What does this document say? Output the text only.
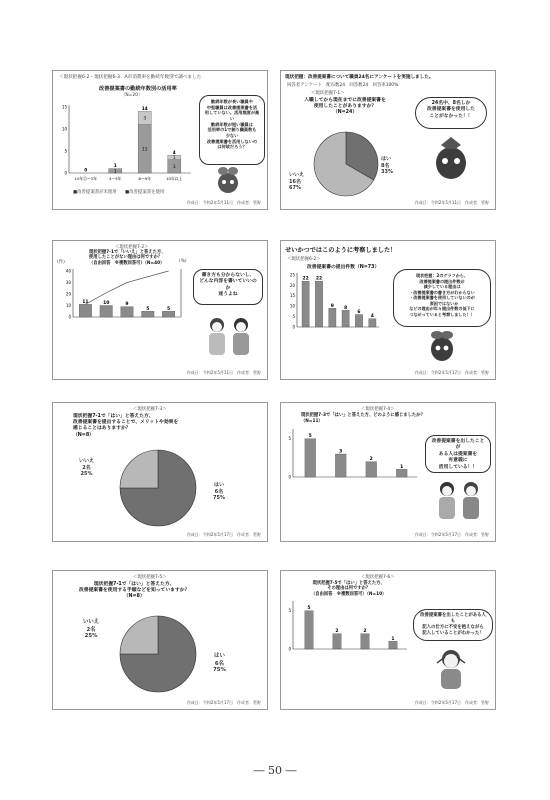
＜現状把握6-2・現状把握6-3：A市消費車を勤続年数別で調べました
改善提案書の勤続年数別の活用率
（N=20）
0
5
10
15
0	1
1
11
3
14
3
1
4
10年目～3年	4～5年	6～9年	10年以上
■改善提案書が未使用 ■改善提案書を使用
勤続年数が長い職員や
中堅職員は改善提案書を活
用していない。活用頻度が高い
勤続年数が短い職員は
活用率の1で割り職員数も
少ない
改善提案書を活用しないの
は何故だろう？
作成日：令和2年5月11日　作成者：管野
現状把握：改善提案書について職員24名にアンケートを実施しました。
回答者アンケート　配布数24　回答数24　回答率100%
＜現状把握7-1＞
入職してから現在までに改善提案書を
使用したことがありますか？
（N=24）
いいえ
16名
67%
はい
8名
33%
24名中、8名しか
改善提案書を使用した
ことがなかった！！
作成日：令和2年5月11日　作成者：管野
＜現状把握7-2＞
現状把握7-1で「いいえ」と答えた方、
使用したことがない理由は何ですか？
（自由回答　※複数回答可）（N=40）
(件)	(%)
0
10
20
30
40
11	10	9
5	5
書き方も分からないし、
どんな内容を書いていいのか
迷うよね
作成日：令和2年5月11日　作成者：管野
せいかつではこのように考察しました！
＜現状把握6-2＞
改善提案書の提出件数（N=73）
0
5
10
15
20
25
22 22
9 8
6
4
現状把握：2のグラフから、
改善提案書の提出件数が
減少している理由は
・改善提案書の書き方がわからない
・改善提案書を使用していないのが
　原因ではないか
などの理由が年々提出件数の低下に
つながっていると考察しました！！
作成日：令和2年5月17日　作成者：管野
＜現状把握7-3＞
現状把握7-1で「はい」と答えた方、
改善提案書を提出することで、メリットや効果を
感じることはありますか？
（N=8）
いいえ
2名
25%
はい
6名
75%
作成日：令和2年5月17日　作成者：管野
＜現状把握7-4＞
現状把握7-3で「はい」と答えた方、どのように感じましたか？
（N=11）
0
5	5
3
2
1
改善提案書を出したことが
ある人は提案書を
有意義に
活用している！！
作成日：令和2年5月17日　作成者：管野
＜現状把握7-5＞
現状把握7-1で「はい」と答えた方、
改善提案書を使用する手順などを知っていますか？
（N=8）
いいえ
2名
25%
はい
6名
75%
作成日：令和2年5月17日　作成者：管野
＜現状把握7-6＞
現状把握7-5で「はい」と答えた方、
その理由は何ですか？
（自由回答　※複数回答可）（N=10）
0
5	5
2	2
1
改善提案書を出したことがある人も
記入の仕方に不安を抱えながら
記入していることがわかった！
作成日：令和2年5月17日　作成者：管野
― 50 ―
